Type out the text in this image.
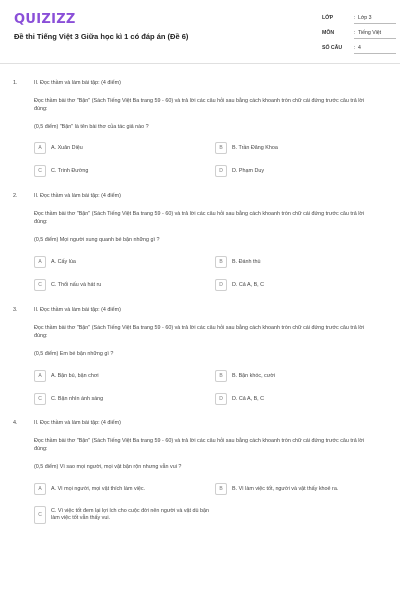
QUIZIZZ
Đề thi Tiếng Việt 3 Giữa học kì 1 có đáp án (Đề 6)
LỚP	: Lớp 3
MÔN	: Tiếng Việt
SỐ CÂU	: 4
1.	II. Đọc thầm và làm bài tập: (4 điểm)
Đọc thầm bài thơ "Bận" (Sách Tiếng Việt Ba trang 59 - 60) và trả lời các câu hỏi sau bằng cách khoanh tròn chữ cái đứng trước câu trả lời đúng:
(0,5 điểm) "Bận" là tên bài thơ của tác giả nào ?
A	A. Xuân Diệu	B	B. Trần Đăng Khoa
C	C. Trinh Đường	D	D. Phạm Duy
2.	II. Đọc thầm và làm bài tập: (4 điểm)
Đọc thầm bài thơ "Bận" (Sách Tiếng Việt Ba trang 59 - 60) và trả lời các câu hỏi sau bằng cách khoanh tròn chữ cái đứng trước câu trả lời đúng:
(0,5 điểm) Mọi người xung quanh bé bận những gì ?
A	A. Cấy lúa	B	B. Đánh thù
C	C. Thổi nấu và hát ru	D	D. Cả A, B, C
3.	II. Đọc thầm và làm bài tập: (4 điểm)
Đọc thầm bài thơ "Bận" (Sách Tiếng Việt Ba trang 59 - 60) và trả lời các câu hỏi sau bằng cách khoanh tròn chữ cái đứng trước câu trả lời đúng:
(0,5 điểm) Em bé bận những gì ?
A	A. Bận bú, bận chơi	B	B. Bận khóc, cười
C	C. Bận nhìn ánh sáng	D	D. Cả A, B, C
4.	II. Đọc thầm và làm bài tập: (4 điểm)
Đọc thầm bài thơ "Bận" (Sách Tiếng Việt Ba trang 59 - 60) và trả lời các câu hỏi sau bằng cách khoanh tròn chữ cái đứng trước câu trả lời đúng:
(0,5 điểm) Vì sao mọi người, mọi vật bận rộn nhưng vẫn vui ?
A	A. Vì mọi người, mọi vật thích làm việc.	B	B. Vì làm việc tốt, người và vật thấy khoẻ ra.
C
C. Vì việc tốt đem lại lợi ích cho cuộc đời nên người và vật dù bận làm việc tốt vẫn thấy vui.
